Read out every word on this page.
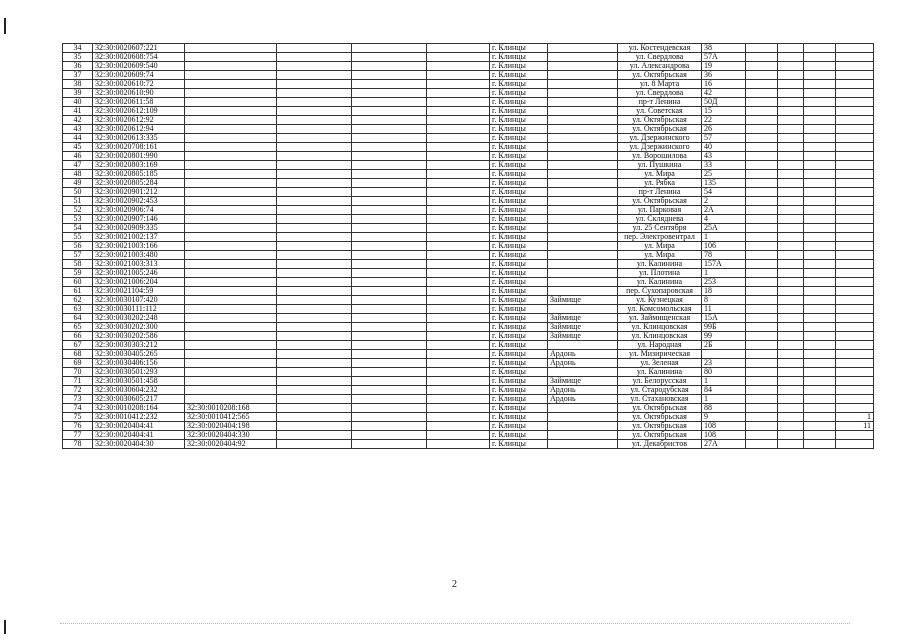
34	32:30:0020607:221					г. Клинцы		ул. Костендевская	38				
35	32:30:0020608:754					г. Клинцы		ул. Свердлова	57А				
36	32:30:0020609:540					г. Клинцы		ул. Александрова	19				
37	32:30:0020609:74					г. Клинцы		ул. Октябрьская	36				
38	32:30:0020610:72					г. Клинцы		ул. 8 Марта	16				
39	32:30:0020610:90					г. Клинцы		ул. Свердлова	42				
40	32:30:0020611:58					г. Клинцы		пр-т Ленина	50Д				
41	32:30:0020612:109					г. Клинцы		ул. Советская	15				
42	32:30:0020612:92					г. Клинцы		ул. Октябрьская	22				
43	32:30:0020612:94					г. Клинцы		ул. Октябрьская	26				
44	32:30:0020613:335					г. Клинцы		ул. Дзержинского	57				
45	32:30:0020708:161					г. Клинцы		ул. Дзержинского	40				
46	32:30:0020801:990					г. Клинцы		ул. Ворошилова	43				
47	32:30:0020803:169					г. Клинцы		ул. Пушкина	33				
48	32:30:0020805:185					г. Клинцы		ул. Мира	25				
49	32:30:0020805:284					г. Клинцы		ул. Рябка	135				
50	32:30:0020901:212					г. Клинцы		пр-т Ленина	54				
51	32:30:0020902:453					г. Клинцы		ул. Октябрьская	2				
52	32:30:0020906:74					г. Клинцы		ул. Парковая	2А				
53	32:30:0020907:146					г. Клинцы		ул. Скляднева	4				
54	32:30:0020909:335					г. Клинцы		ул. 25 Сентября	25А				
55	32:30:0021002:137					г. Клинцы		пер. Электровентрал	1				
56	32:30:0021003:166					г. Клинцы		ул. Мира	106				
57	32:30:0021003:480					г. Клинцы		ул. Мира	78				
58	32:30:0021003:313					г. Клинцы		ул. Калинина	157А				
59	32:30:0021005:246					г. Клинцы		ул. Плотина	1				
60	32:30:0021006:204					г. Клинцы		ул. Калинина	253				
61	32:30:0021104:59					г. Клинцы		пер. Сухопаровская	18				
62	32:30:0030107:420					г. Клинцы	Займище	ул. Кузнецкая	8				
63	32:30:0030111:112					г. Клинцы		ул. Комсомольская	11				
64	32:30:0030202:248					г. Клинцы	Займище	ул. Займищенская	15А				
65	32:30:0030202:300					г. Клинцы	Займище	ул. Клинцовская	99Б				
66	32:30:0030202:586					г. Клинцы	Займище	ул. Клинцовская	99				
67	32:30:0030303:212					г. Клинцы		ул. Народная	2Б				
68	32:30:0030405:265					г. Клинцы	Ардонь	ул. Мизирическая					
69	32:30:0030406:156					г. Клинцы	Ардонь	ул. Зеленая	23				
70	32:30:0030501:293					г. Клинцы		ул. Калинина	80				
71	32:30:0030501:458					г. Клинцы	Займище	ул. Белорусская	1				
72	32:30:0030604:232					г. Клинцы	Ардонь	ул. Стародубская	84				
73	32:30:0030605:217					г. Клинцы	Ардонь	ул. Стахановская	1				
74	32:30:0010208:164	32:30:0010208:168				г. Клинцы		ул. Октябрьская	88				
75	32:30:0010412:232	32:30:0010412:565				г. Клинцы		ул. Октябрьская	9				1
76	32:30:0020404:41	32:30:0020404:198				г. Клинцы		ул. Октябрьская	108				11
77	32:30:0020404:41	32:30:0020404:330				г. Клинцы		ул. Октябрьская	108				
78	32:30:0020404:30	32:30:0020404:92				г. Клинцы		ул. Декабристов	27А				
2
